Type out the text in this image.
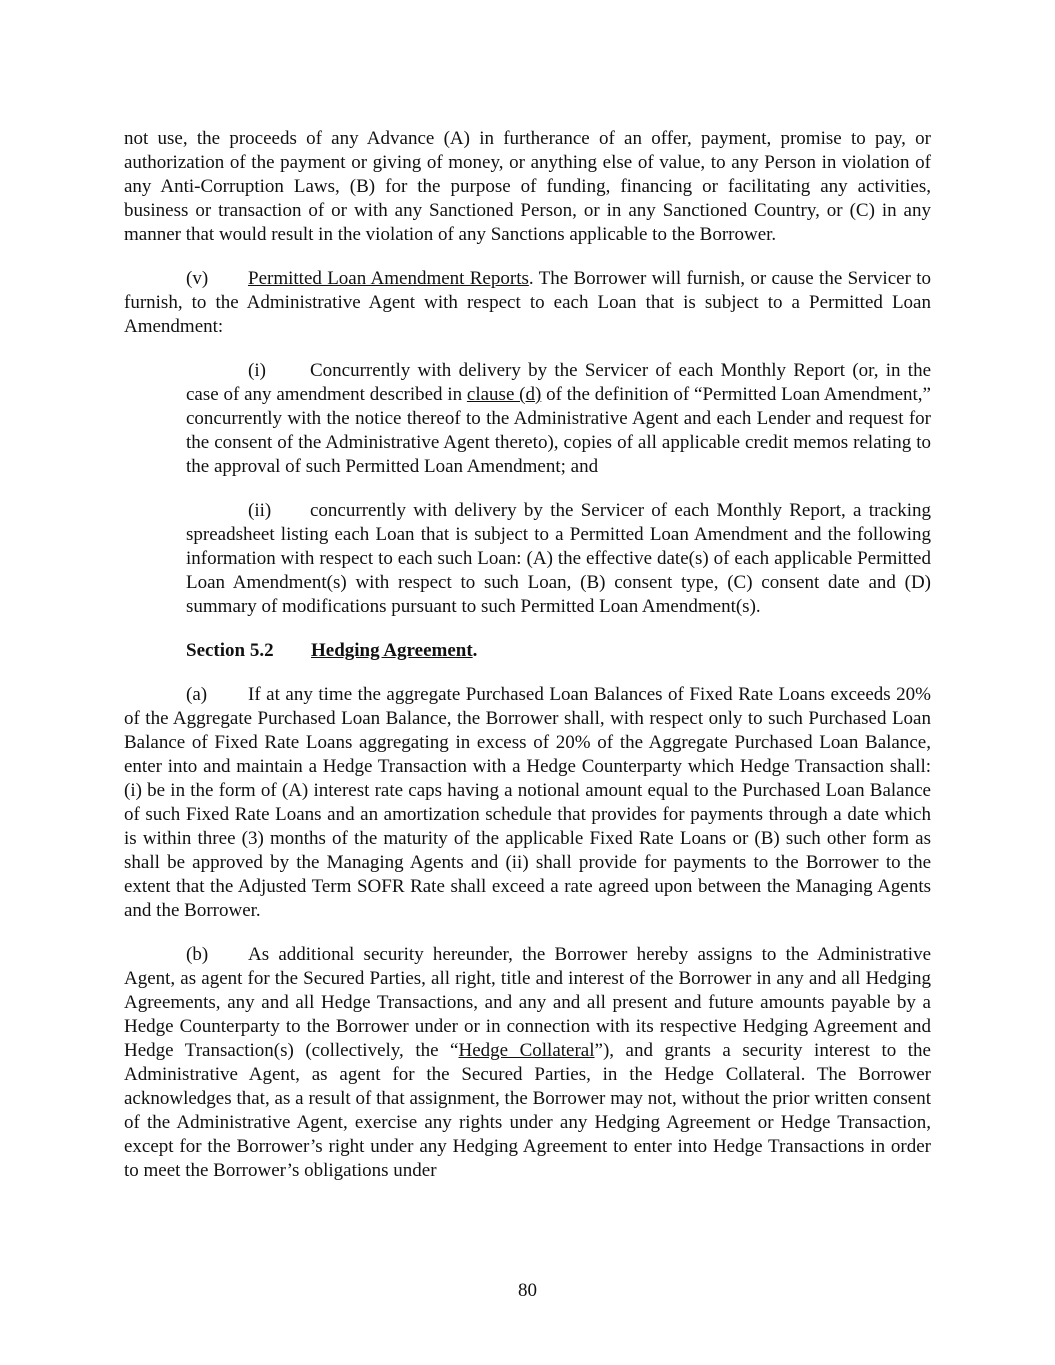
not use, the proceeds of any Advance (A) in furtherance of an offer, payment, promise to pay, or authorization of the payment or giving of money, or anything else of value, to any Person in violation of any Anti-Corruption Laws, (B) for the purpose of funding, financing or facilitating any activities, business or transaction of or with any Sanctioned Person, or in any Sanctioned Country, or (C) in any manner that would result in the violation of any Sanctions applicable to the Borrower.

(v) Permitted Loan Amendment Reports. The Borrower will furnish, or cause the Servicer to furnish, to the Administrative Agent with respect to each Loan that is subject to a Permitted Loan Amendment:

(i) Concurrently with delivery by the Servicer of each Monthly Report (or, in the case of any amendment described in clause (d) of the definition of “Permitted Loan Amendment,” concurrently with the notice thereof to the Administrative Agent and each Lender and request for the consent of the Administrative Agent thereto), copies of all applicable credit memos relating to the approval of such Permitted Loan Amendment; and

(ii) concurrently with delivery by the Servicer of each Monthly Report, a tracking spreadsheet listing each Loan that is subject to a Permitted Loan Amendment and the following information with respect to each such Loan: (A) the effective date(s) of each applicable Permitted Loan Amendment(s) with respect to such Loan, (B) consent type, (C) consent date and (D) summary of modifications pursuant to such Permitted Loan Amendment(s).

Section 5.2 Hedging Agreement.

(a) If at any time the aggregate Purchased Loan Balances of Fixed Rate Loans exceeds 20% of the Aggregate Purchased Loan Balance, the Borrower shall, with respect only to such Purchased Loan Balance of Fixed Rate Loans aggregating in excess of 20% of the Aggregate Purchased Loan Balance, enter into and maintain a Hedge Transaction with a Hedge Counterparty which Hedge Transaction shall: (i) be in the form of (A) interest rate caps having a notional amount equal to the Purchased Loan Balance of such Fixed Rate Loans and an amortization schedule that provides for payments through a date which is within three (3) months of the maturity of the applicable Fixed Rate Loans or (B) such other form as shall be approved by the Managing Agents and (ii) shall provide for payments to the Borrower to the extent that the Adjusted Term SOFR Rate shall exceed a rate agreed upon between the Managing Agents and the Borrower.

(b) As additional security hereunder, the Borrower hereby assigns to the Administrative Agent, as agent for the Secured Parties, all right, title and interest of the Borrower in any and all Hedging Agreements, any and all Hedge Transactions, and any and all present and future amounts payable by a Hedge Counterparty to the Borrower under or in connection with its respective Hedging Agreement and Hedge Transaction(s) (collectively, the “Hedge Collateral”), and grants a security interest to the Administrative Agent, as agent for the Secured Parties, in the Hedge Collateral. The Borrower acknowledges that, as a result of that assignment, the Borrower may not, without the prior written consent of the Administrative Agent, exercise any rights under any Hedging Agreement or Hedge Transaction, except for the Borrower’s right under any Hedging Agreement to enter into Hedge Transactions in order to meet the Borrower’s obligations under

80
